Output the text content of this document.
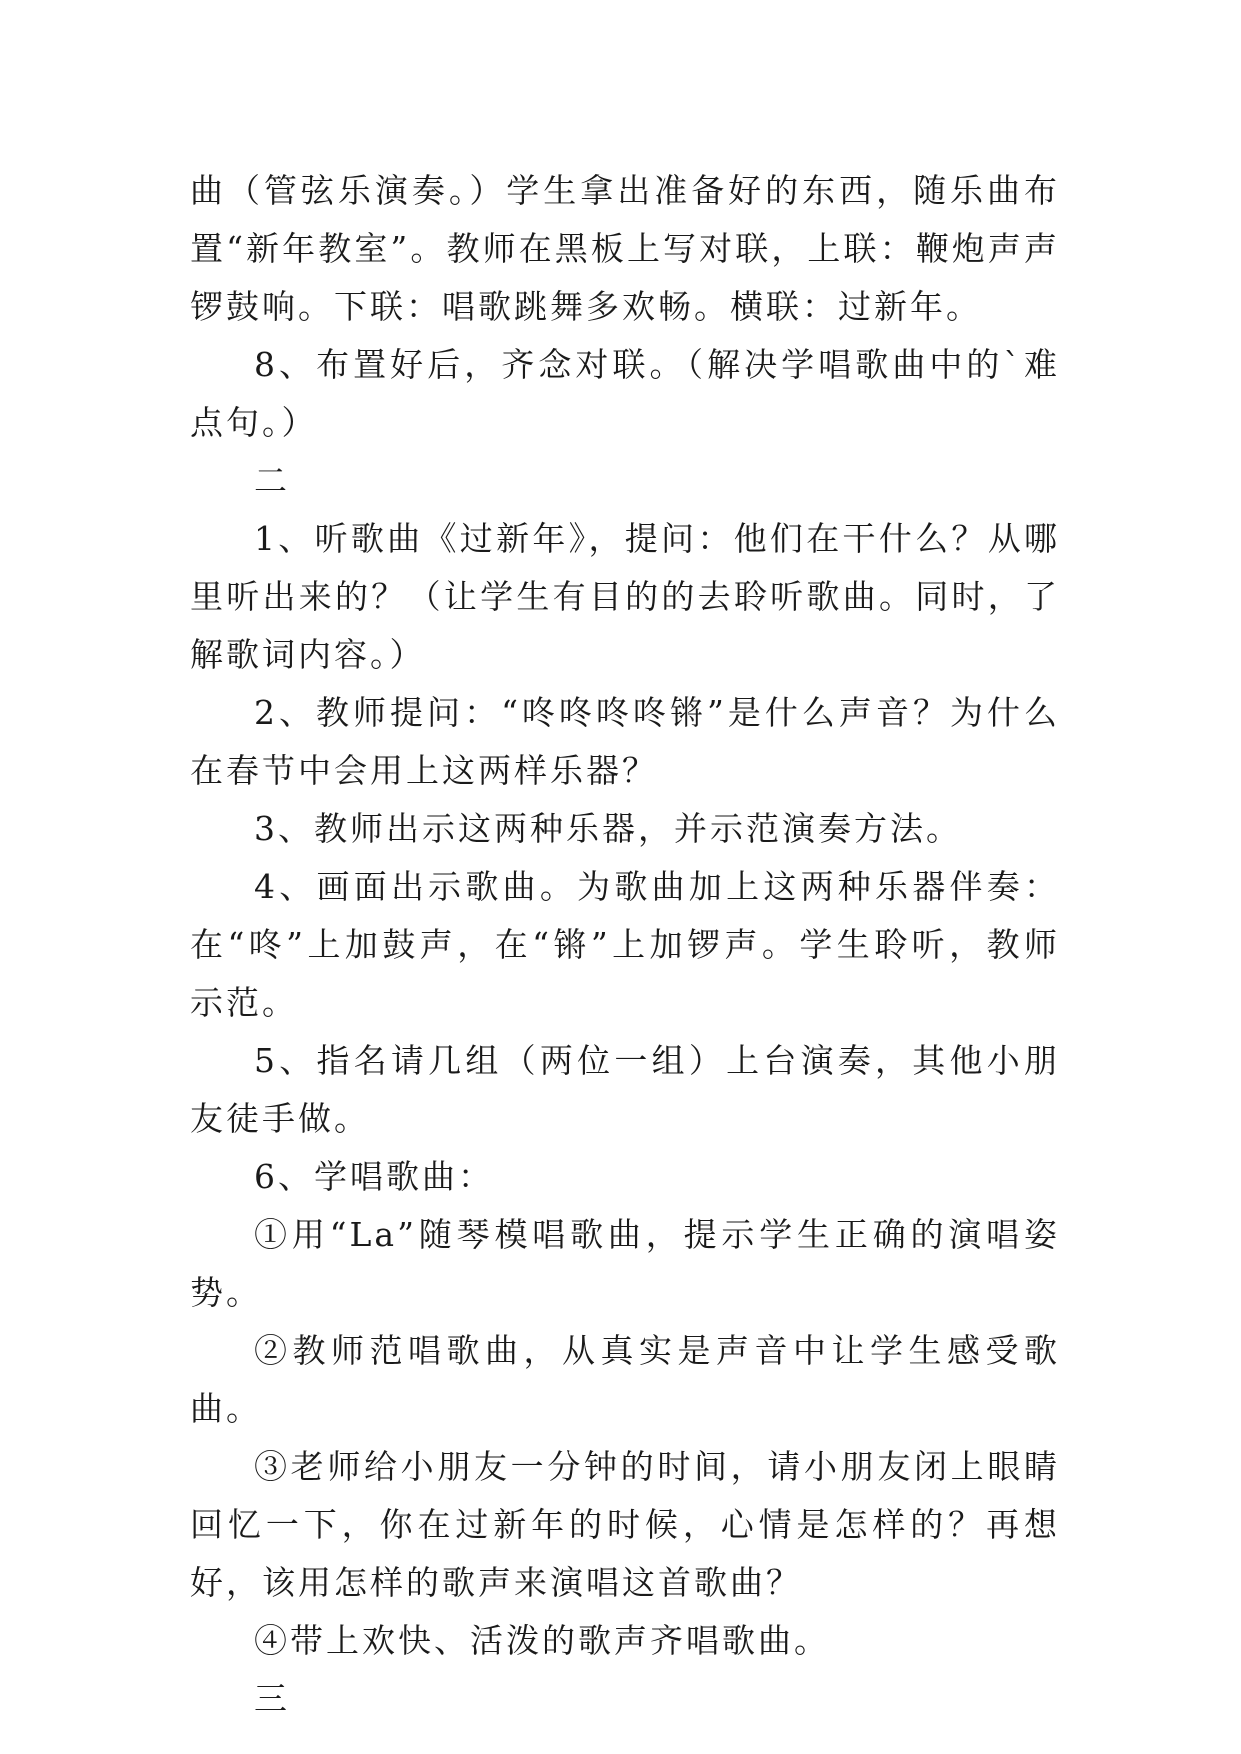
曲（管弦乐演奏。）学生拿出准备好的东西，随乐曲布置“新年教室”。教师在黑板上写对联，上联：鞭炮声声锣鼓响。下联：唱歌跳舞多欢畅。横联：过新年。

8、布置好后，齐念对联。（解决学唱歌曲中的`难点句。）

二

1、听歌曲《过新年》，提问：他们在干什么？从哪里听出来的？（让学生有目的的去聆听歌曲。同时，了解歌词内容。）

2、教师提问：“咚咚咚咚锵”是什么声音？为什么在春节中会用上这两样乐器？

3、教师出示这两种乐器，并示范演奏方法。

4、画面出示歌曲。为歌曲加上这两种乐器伴奏：在“咚”上加鼓声，在“锵”上加锣声。学生聆听，教师示范。

5、指名请几组（两位一组）上台演奏，其他小朋友徒手做。

6、学唱歌曲：

①用“La”随琴模唱歌曲，提示学生正确的演唱姿势。

②教师范唱歌曲，从真实是声音中让学生感受歌曲。

③老师给小朋友一分钟的时间，请小朋友闭上眼睛回忆一下，你在过新年的时候，心情是怎样的？再想好，该用怎样的歌声来演唱这首歌曲？

④带上欢快、活泼的歌声齐唱歌曲。

三
